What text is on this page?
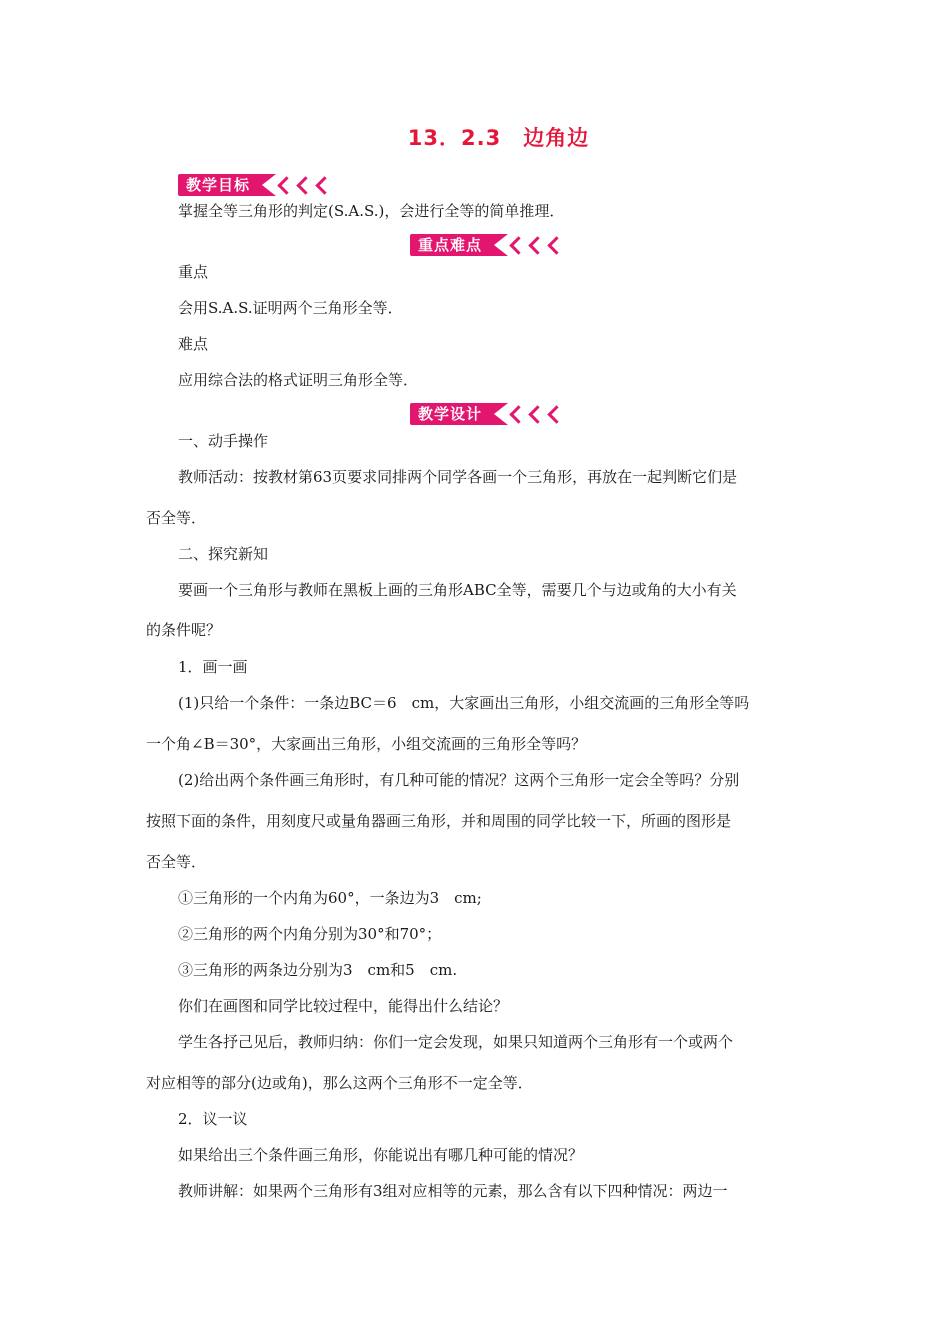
13．2.3　边角边
教学目标
掌握全等三角形的判定(S.A.S.)，会进行全等的简单推理．
重点难点
重点
会用S.A.S.证明两个三角形全等．
难点
应用综合法的格式证明三角形全等．
教学设计
一、动手操作
教师活动：按教材第63页要求同排两个同学各画一个三角形，再放在一起判断它们是
否全等．
二、探究新知
要画一个三角形与教师在黑板上画的三角形ABC全等，需要几个与边或角的大小有关
的条件呢？
1．画一画
(1)只给一个条件：一条边BC＝6　cm，大家画出三角形，小组交流画的三角形全等吗
一个角∠B＝30°，大家画出三角形，小组交流画的三角形全等吗？
(2)给出两个条件画三角形时，有几种可能的情况？这两个三角形一定会全等吗？分别
按照下面的条件，用刻度尺或量角器画三角形，并和周围的同学比较一下，所画的图形是
否全等．
①三角形的一个内角为60°，一条边为3　cm;
②三角形的两个内角分别为30°和70°；
③三角形的两条边分别为3　cm和5　cm.
你们在画图和同学比较过程中，能得出什么结论？
学生各抒己见后，教师归纳：你们一定会发现，如果只知道两个三角形有一个或两个
对应相等的部分(边或角)，那么这两个三角形不一定全等．
2．议一议
如果给出三个条件画三角形，你能说出有哪几种可能的情况？
教师讲解：如果两个三角形有3组对应相等的元素，那么含有以下四种情况：两边一
